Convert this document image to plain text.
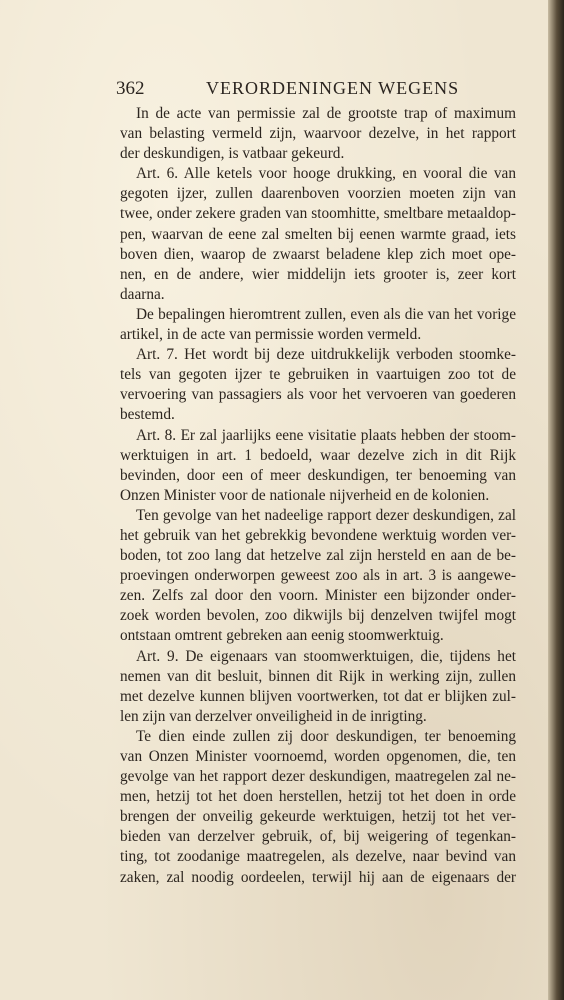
362	VERORDENINGEN WEGENS
In de acte van permissie zal de grootste trap of maximum
van belasting vermeld zijn, waarvoor dezelve, in het rapport
der deskundigen, is vatbaar gekeurd.
Art. 6. Alle ketels voor hooge drukking, en vooral die van
gegoten ijzer, zullen daarenboven voorzien moeten zijn van
twee, onder zekere graden van stoomhitte, smeltbare metaaldop-
pen, waarvan de eene zal smelten bij eenen warmte graad, iets
boven dien, waarop de zwaarst beladene klep zich moet ope-
nen, en de andere, wier middelijn iets grooter is, zeer kort
daarna.
De bepalingen hieromtrent zullen, even als die van het vorige
artikel, in de acte van permissie worden vermeld.
Art. 7. Het wordt bij deze uitdrukkelijk verboden stoomke-
tels van gegoten ijzer te gebruiken in vaartuigen zoo tot de
vervoering van passagiers als voor het vervoeren van goederen
bestemd.
Art. 8. Er zal jaarlijks eene visitatie plaats hebben der stoom-
werktuigen in art. 1 bedoeld, waar dezelve zich in dit Rijk
bevinden, door een of meer deskundigen, ter benoeming van
Onzen Minister voor de nationale nijverheid en de kolonien.
Ten gevolge van het nadeelige rapport dezer deskundigen, zal
het gebruik van het gebrekkig bevondene werktuig worden ver-
boden, tot zoo lang dat hetzelve zal zijn hersteld en aan de be-
proevingen onderworpen geweest zoo als in art. 3 is aangewe-
zen. Zelfs zal door den voorn. Minister een bijzonder onder-
zoek worden bevolen, zoo dikwijls bij denzelven twijfel mogt
ontstaan omtrent gebreken aan eenig stoomwerktuig.
Art. 9. De eigenaars van stoomwerktuigen, die, tijdens het
nemen van dit besluit, binnen dit Rijk in werking zijn, zullen
met dezelve kunnen blijven voortwerken, tot dat er blijken zul-
len zijn van derzelver onveiligheid in de inrigting.
Te dien einde zullen zij door deskundigen, ter benoeming
van Onzen Minister voornoemd, worden opgenomen, die, ten
gevolge van het rapport dezer deskundigen, maatregelen zal ne-
men, hetzij tot het doen herstellen, hetzij tot het doen in orde
brengen der onveilig gekeurde werktuigen, hetzij tot het ver-
bieden van derzelver gebruik, of, bij weigering of tegenkan-
ting, tot zoodanige maatregelen, als dezelve, naar bevind van
zaken, zal noodig oordeelen, terwijl hij aan de eigenaars der
